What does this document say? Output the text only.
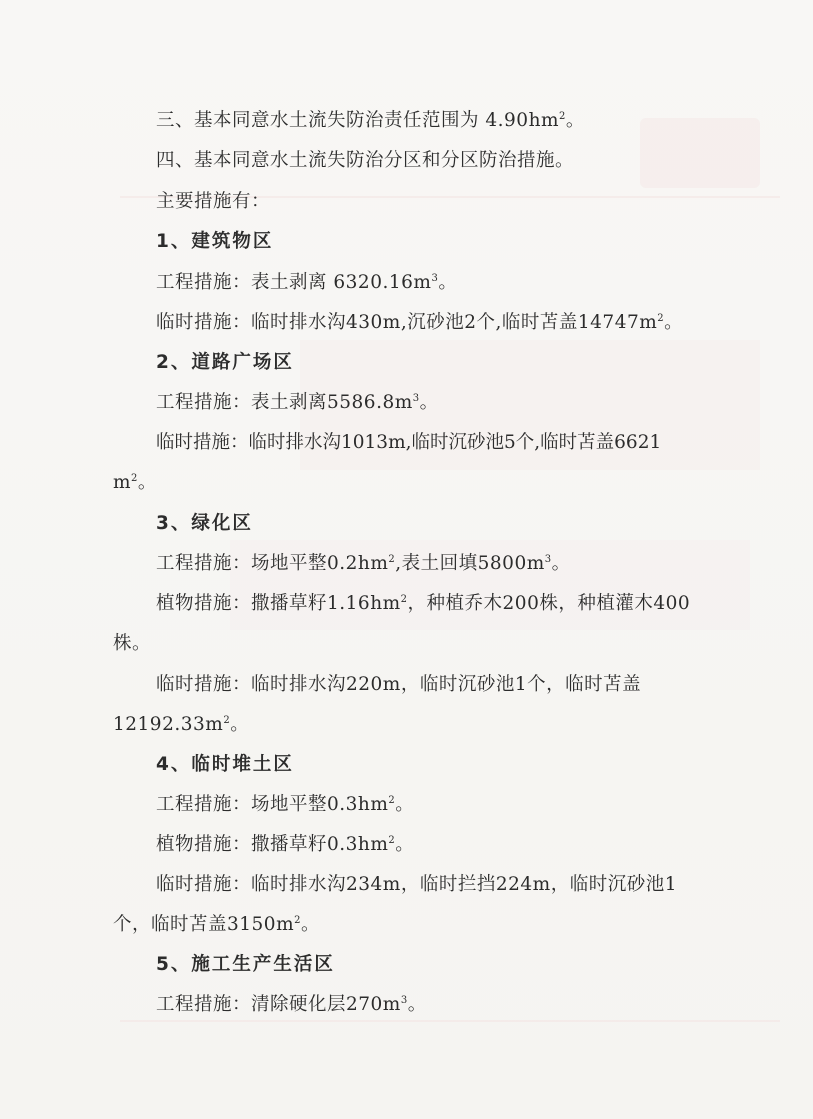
三、基本同意水土流失防治责任范围为 $4.90hm^2$。
四、基本同意水土流失防治分区和分区防治措施。
主要措施有：
1、建筑物区
工程措施：表土剥离 $6320.16m^3$。
临时措施：临时排水沟430m,沉砂池2个,临时苫盖$14747m^2$。
2、道路广场区
工程措施：表土剥离$5586.8m^3$。
临时措施：临时排水沟1013m,临时沉砂池5个,临时苫盖6621
$m^2$。
3、绿化区
工程措施：场地平整$0.2hm^2$,表土回填$5800m^3$。
植物措施：撒播草籽$1.16hm^2$，种植乔木200株，种植灌木400
株。
临时措施：临时排水沟220m，临时沉砂池1个，临时苫盖
$12192.33m^2$。
4、临时堆土区
工程措施：场地平整$0.3hm^2$。
植物措施：撒播草籽$0.3hm^2$。
临时措施：临时排水沟234m，临时拦挡224m，临时沉砂池1
个，临时苫盖$3150m^2$。
5、施工生产生活区
工程措施：清除硬化层$270m^3$。
